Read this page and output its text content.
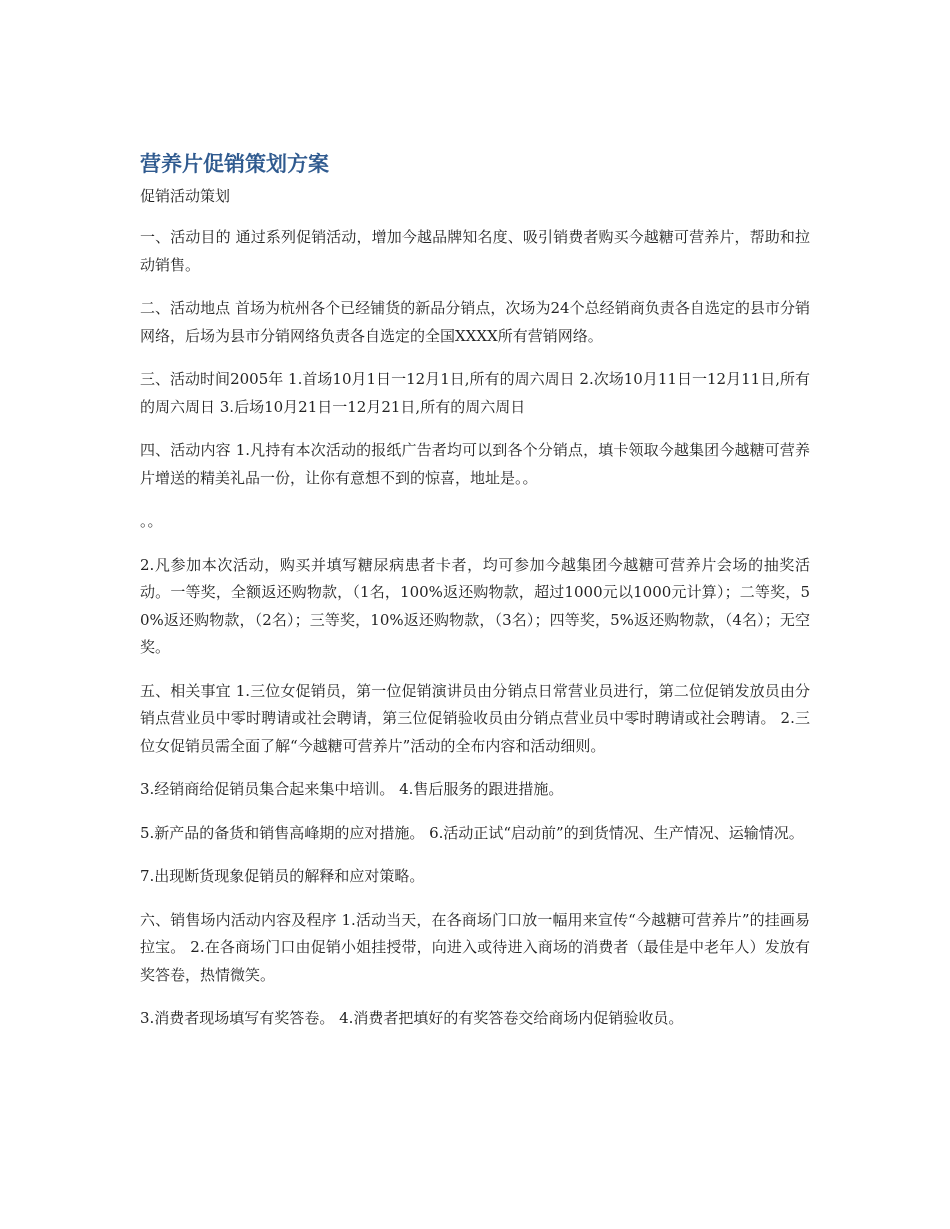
营养片促销策划方案
促销活动策划

一、活动目的 通过系列促销活动，增加今越品牌知名度、吸引销费者购买今越糖可营养片，帮助和拉动销售。

二、活动地点 首场为杭州各个已经铺货的新品分销点，次场为24个总经销商负责各自选定的县市分销网络，后场为县市分销网络负责各自选定的全国XXXX所有营销网络。

三、活动时间2005年 1.首场10月1日一12月1日,所有的周六周日 2.次场10月11日一12月11日,所有的周六周日 3.后场10月21日一12月21日,所有的周六周日

四、活动内容 1.凡持有本次活动的报纸广告者均可以到各个分销点，填卡领取今越集团今越糖可营养片增送的精美礼品一份，让你有意想不到的惊喜，地址是。。

。。

2.凡参加本次活动，购买并填写糖尿病患者卡者，均可参加今越集团今越糖可营养片会场的抽奖活动。一等奖，全额返还购物款，（1名，100%返还购物款，超过1000元以1000元计算）；二等奖，50%返还购物款，（2名）；三等奖，10%返还购物款，（3名）；四等奖，5%返还购物款，（4名）；无空奖。

五、相关事宜 1.三位女促销员，第一位促销演讲员由分销点日常营业员进行，第二位促销发放员由分销点营业员中零时聘请或社会聘请，第三位促销验收员由分销点营业员中零时聘请或社会聘请。 2.三位女促销员需全面了解“今越糖可营养片”活动的全布内容和活动细则。

3.经销商给促销员集合起来集中培训。 4.售后服务的跟进措施。

5.新产品的备货和销售高峰期的应对措施。 6.活动正试“启动前”的到货情况、生产情况、运输情况。

7.出现断货现象促销员的解释和应对策略。

六、销售场内活动内容及程序 1.活动当天，在各商场门口放一幅用来宣传“今越糖可营养片”的挂画易拉宝。 2.在各商场门口由促销小姐挂授带，向进入或待进入商场的消费者（最佳是中老年人）发放有奖答卷，热情微笑。

3.消费者现场填写有奖答卷。 4.消费者把填好的有奖答卷交给商场内促销验收员。
